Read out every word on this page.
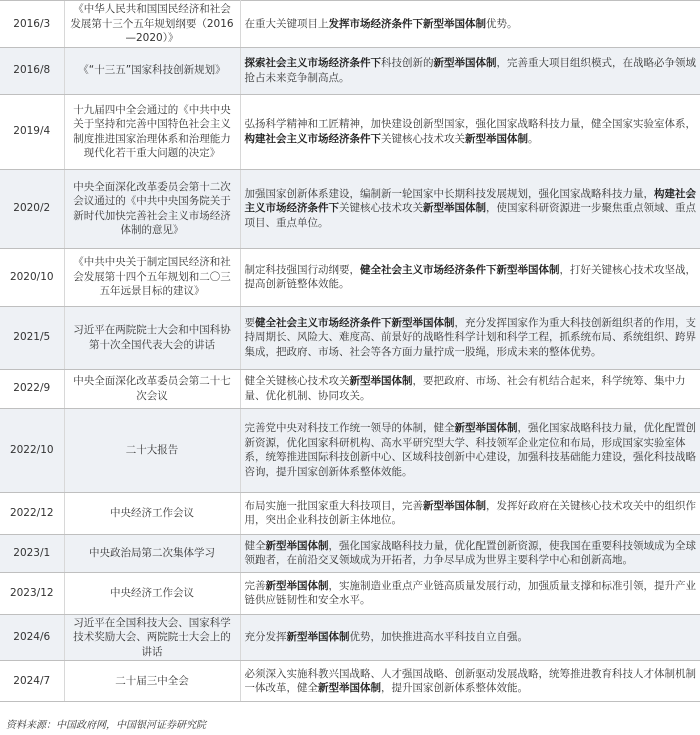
2016/3	《中华人民共和国国民经济和社会发展第十三个五年规划纲要（2016—2020）》	在重大关键项目上发挥市场经济条件下新型举国体制优势。
2016/8	《“十三五”国家科技创新规划》	探索社会主义市场经济条件下科技创新的新型举国体制，完善重大项目组织模式，在战略必争领域抢占未来竞争制高点。
2019/4	十九届四中全会通过的《中共中央关于坚持和完善中国特色社会主义制度推进国家治理体系和治理能力现代化若干重大问题的决定》	弘扬科学精神和工匠精神，加快建设创新型国家，强化国家战略科技力量，健全国家实验室体系，构建社会主义市场经济条件下关键核心技术攻关新型举国体制。
2020/2	中央全面深化改革委员会第十二次会议通过的《中共中央国务院关于新时代加快完善社会主义市场经济体制的意见》	加强国家创新体系建设，编制新一轮国家中长期科技发展规划，强化国家战略科技力量，构建社会主义市场经济条件下关键核心技术攻关新型举国体制，使国家科研资源进一步聚焦重点领域、重点项目、重点单位。
2020/10	《中共中央关于制定国民经济和社会发展第十四个五年规划和二〇三五年远景目标的建议》	制定科技强国行动纲要，健全社会主义市场经济条件下新型举国体制，打好关键核心技术攻坚战，提高创新链整体效能。
2021/5	习近平在两院院士大会和中国科协第十次全国代表大会的讲话	要健全社会主义市场经济条件下新型举国体制，充分发挥国家作为重大科技创新组织者的作用，支持周期长、风险大、难度高、前景好的战略性科学计划和科学工程，抓系统布局、系统组织、跨界集成，把政府、市场、社会等各方面力量拧成一股绳，形成未来的整体优势。
2022/9	中央全面深化改革委员会第二十七次会议	健全关键核心技术攻关新型举国体制，要把政府、市场、社会有机结合起来，科学统筹、集中力量、优化机制、协同攻关。
2022/10	二十大报告	完善党中央对科技工作统一领导的体制，健全新型举国体制，强化国家战略科技力量，优化配置创新资源，优化国家科研机构、高水平研究型大学、科技领军企业定位和布局，形成国家实验室体系，统筹推进国际科技创新中心、区域科技创新中心建设，加强科技基础能力建设，强化科技战略咨询，提升国家创新体系整体效能。
2022/12	中央经济工作会议	布局实施一批国家重大科技项目，完善新型举国体制，发挥好政府在关键核心技术攻关中的组织作用，突出企业科技创新主体地位。
2023/1	中央政治局第二次集体学习	健全新型举国体制，强化国家战略科技力量，优化配置创新资源，使我国在重要科技领域成为全球领跑者，在前沿交叉领域成为开拓者，力争尽早成为世界主要科学中心和创新高地。
2023/12	中央经济工作会议	完善新型举国体制，实施制造业重点产业链高质量发展行动，加强质量支撑和标准引领，提升产业链供应链韧性和安全水平。
2024/6	习近平在全国科技大会、国家科学技术奖励大会、两院院士大会上的讲话	充分发挥新型举国体制优势，加快推进高水平科技自立自强。
2024/7	二十届三中全会	必须深入实施科教兴国战略、人才强国战略、创新驱动发展战略，统筹推进教育科技人才体制机制一体改革，健全新型举国体制，提升国家创新体系整体效能。
资料来源：中国政府网，中国银河证券研究院
